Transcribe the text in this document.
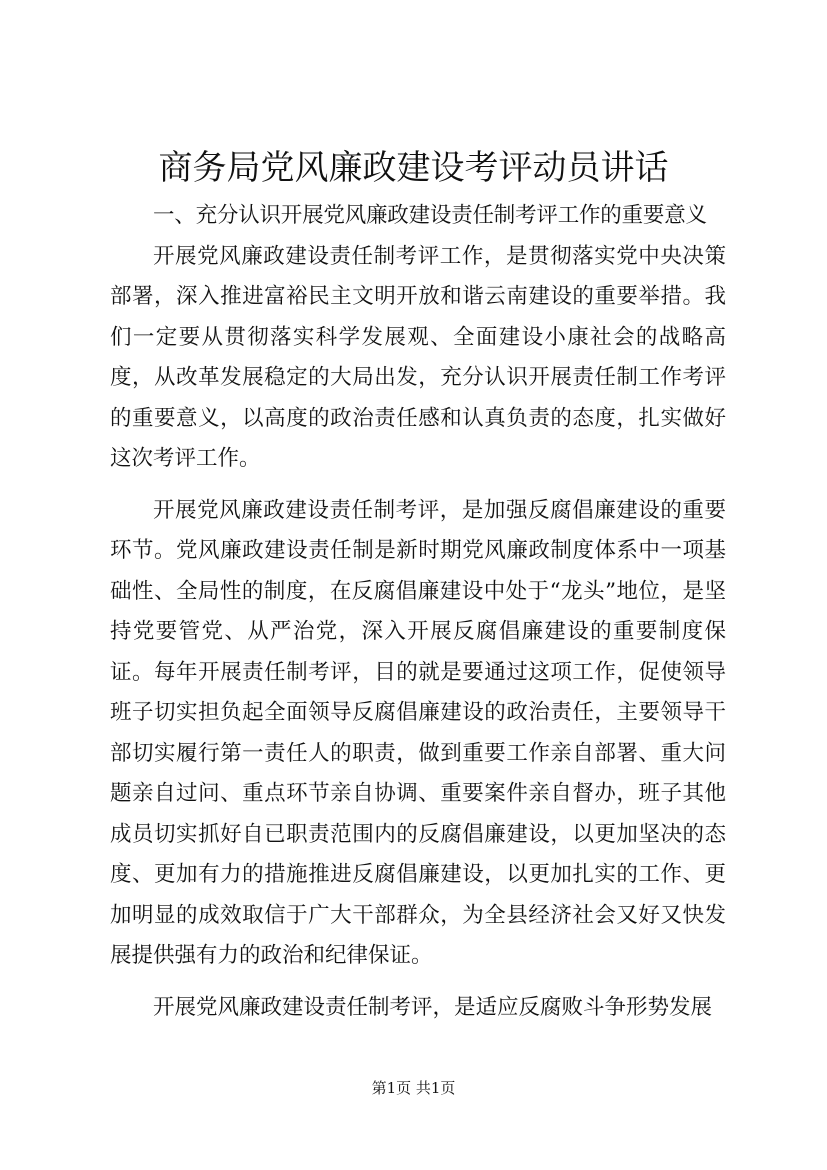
商务局党风廉政建设考评动员讲话

一、充分认识开展党风廉政建设责任制考评工作的重要意义

开展党风廉政建设责任制考评工作，是贯彻落实党中央决策部署，深入推进富裕民主文明开放和谐云南建设的重要举措。我们一定要从贯彻落实科学发展观、全面建设小康社会的战略高度，从改革发展稳定的大局出发，充分认识开展责任制工作考评的重要意义，以高度的政治责任感和认真负责的态度，扎实做好这次考评工作。

开展党风廉政建设责任制考评，是加强反腐倡廉建设的重要环节。党风廉政建设责任制是新时期党风廉政制度体系中一项基础性、全局性的制度，在反腐倡廉建设中处于“龙头”地位，是坚持党要管党、从严治党，深入开展反腐倡廉建设的重要制度保证。每年开展责任制考评，目的就是要通过这项工作，促使领导班子切实担负起全面领导反腐倡廉建设的政治责任，主要领导干部切实履行第一责任人的职责，做到重要工作亲自部署、重大问题亲自过问、重点环节亲自协调、重要案件亲自督办，班子其他成员切实抓好自已职责范围内的反腐倡廉建设，以更加坚决的态度、更加有力的措施推进反腐倡廉建设，以更加扎实的工作、更加明显的成效取信于广大干部群众，为全县经济社会又好又快发展提供强有力的政治和纪律保证。

开展党风廉政建设责任制考评，是适应反腐败斗争形势发展

第1页 共1页
